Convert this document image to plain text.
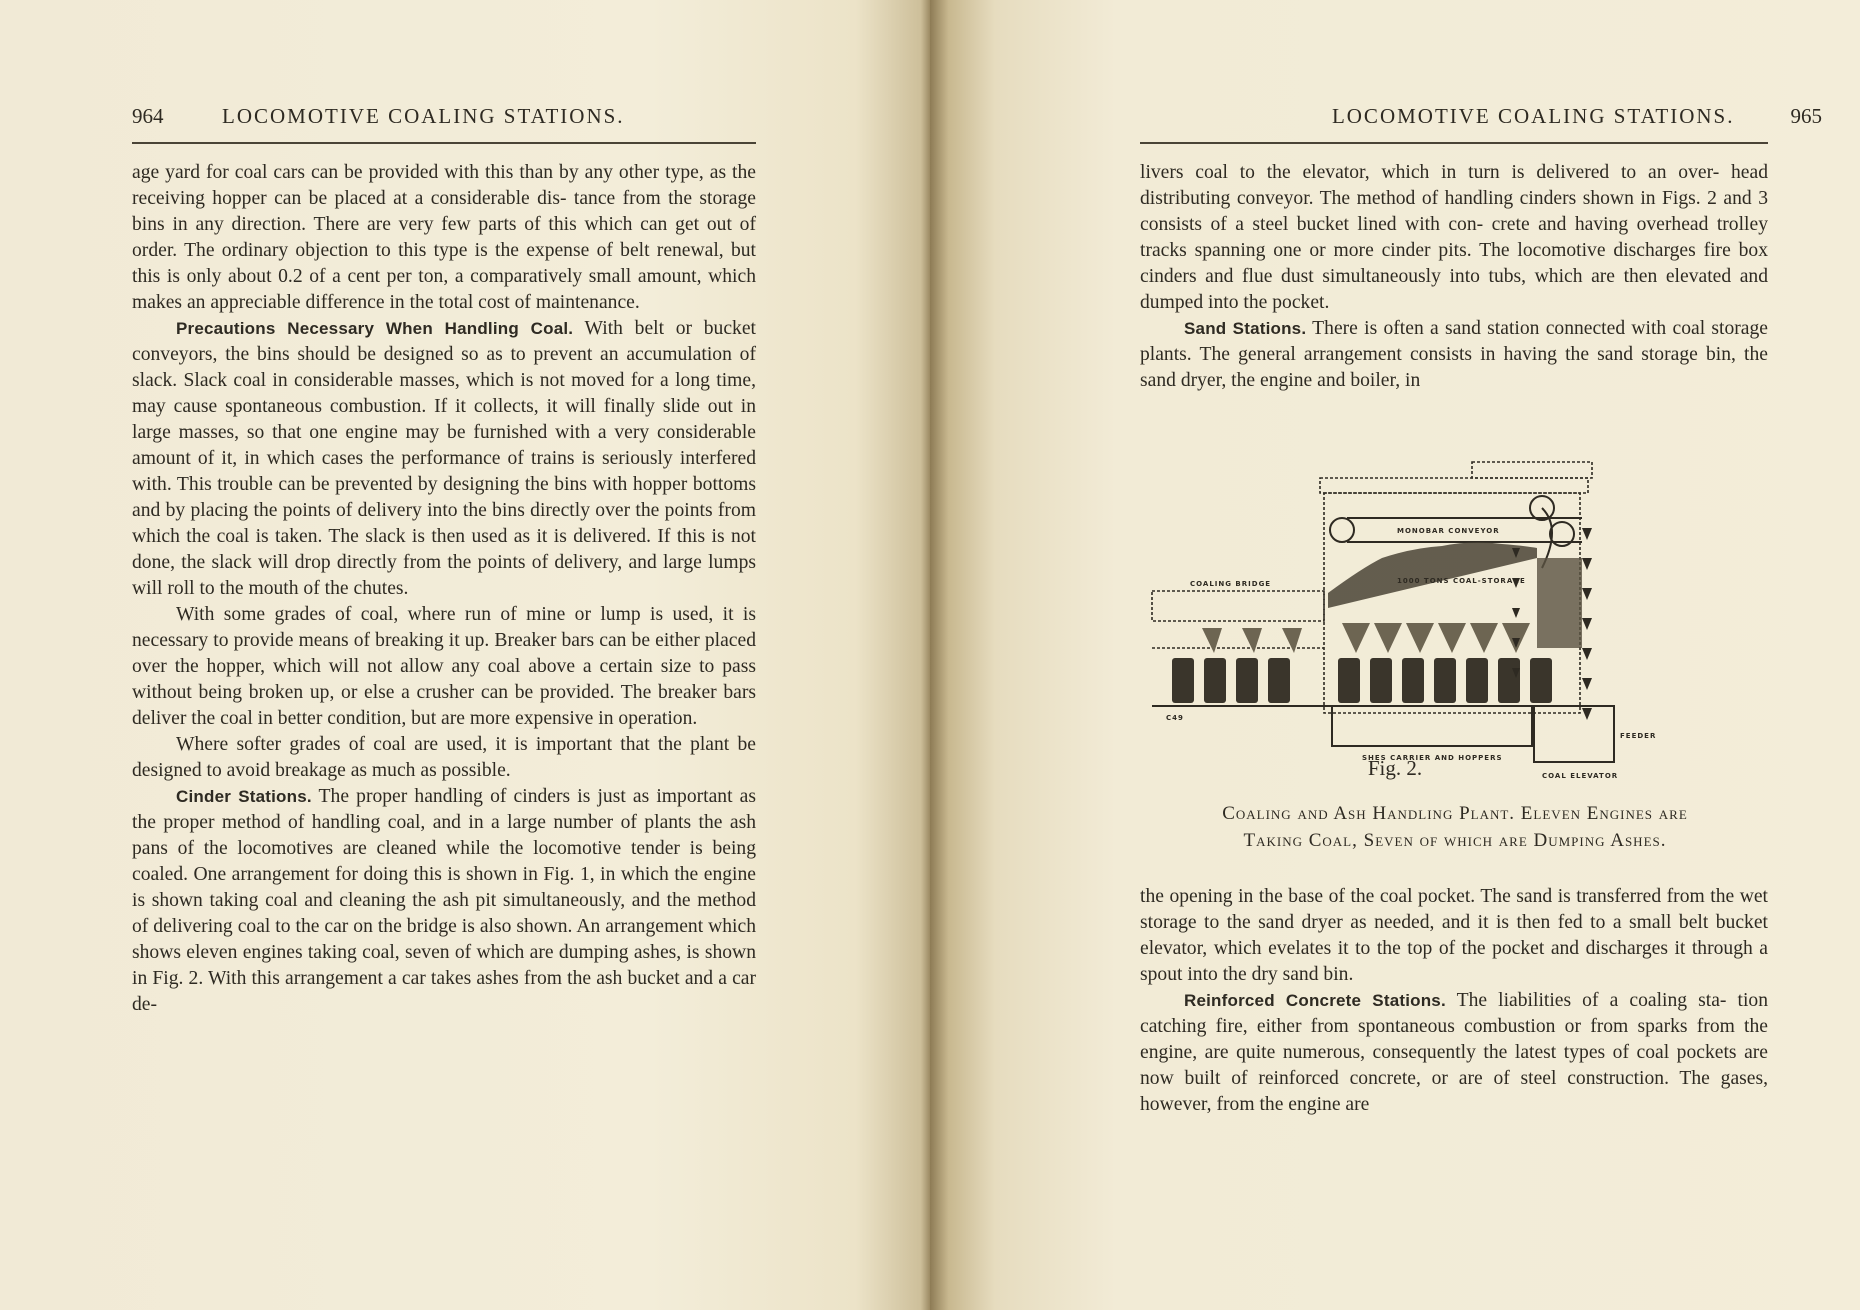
964	LOCOMOTIVE COALING STATIONS.

age yard for coal cars can be provided with this than by any other type, as the receiving hopper can be placed at a considerable dis- tance from the storage bins in any direction. There are very few parts of this which can get out of order. The ordinary objection to this type is the expense of belt renewal, but this is only about 0.2 of a cent per ton, a comparatively small amount, which makes an appreciable difference in the total cost of maintenance.

Precautions Necessary When Handling Coal. With belt or bucket conveyors, the bins should be designed so as to prevent an accumulation of slack. Slack coal in considerable masses, which is not moved for a long time, may cause spontaneous combustion. If it collects, it will finally slide out in large masses, so that one engine may be furnished with a very considerable amount of it, in which cases the performance of trains is seriously interfered with. This trouble can be prevented by designing the bins with hopper bottoms and by placing the points of delivery into the bins directly over the points from which the coal is taken. The slack is then used as it is delivered. If this is not done, the slack will drop directly from the points of delivery, and large lumps will roll to the mouth of the chutes.

With some grades of coal, where run of mine or lump is used, it is necessary to provide means of breaking it up. Breaker bars can be either placed over the hopper, which will not allow any coal above a certain size to pass without being broken up, or else a crusher can be provided. The breaker bars deliver the coal in better condition, but are more expensive in operation.

Where softer grades of coal are used, it is important that the plant be designed to avoid breakage as much as possible.

Cinder Stations. The proper handling of cinders is just as important as the proper method of handling coal, and in a large number of plants the ash pans of the locomotives are cleaned while the locomotive tender is being coaled. One arrangement for doing this is shown in Fig. 1, in which the engine is shown taking coal and cleaning the ash pit simultaneously, and the method of delivering coal to the car on the bridge is also shown. An arrangement which shows eleven engines taking coal, seven of which are dumping ashes, is shown in Fig. 2. With this arrangement a car takes ashes from the ash bucket and a car de-

LOCOMOTIVE COALING STATIONS.	965

livers coal to the elevator, which in turn is delivered to an over- head distributing conveyor. The method of handling cinders shown in Figs. 2 and 3 consists of a steel bucket lined with con- crete and having overhead trolley tracks spanning one or more cinder pits. The locomotive discharges fire box cinders and flue dust simultaneously into tubs, which are then elevated and dumped into the pocket.

Sand Stations. There is often a sand station connected with coal storage plants. The general arrangement consists in having the sand storage bin, the sand dryer, the engine and boiler, in

MONOBAR CONVEYOR
1000 TONS COAL-STORAGE
COALING BRIDGE
SHES CARRIER AND HOPPERS
COAL ELEVATOR
FEEDER
C49
Fig. 2.
Coaling and Ash Handling Plant. Eleven Engines are
Taking Coal, Seven of which are Dumping Ashes.

the opening in the base of the coal pocket. The sand is transferred from the wet storage to the sand dryer as needed, and it is then fed to a small belt bucket elevator, which evelates it to the top of the pocket and discharges it through a spout into the dry sand bin.

Reinforced Concrete Stations. The liabilities of a coaling sta- tion catching fire, either from spontaneous combustion or from sparks from the engine, are quite numerous, consequently the latest types of coal pockets are now built of reinforced concrete, or are of steel construction. The gases, however, from the engine are
